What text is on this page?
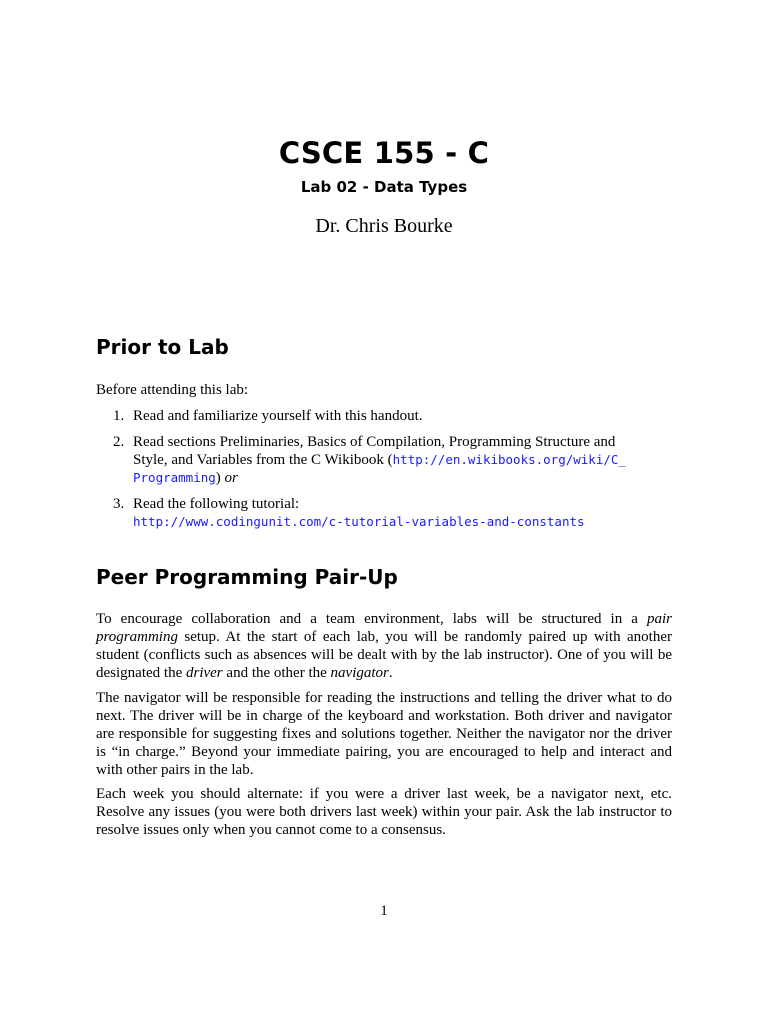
CSCE 155 - C
Lab 02 - Data Types
Dr. Chris Bourke
Prior to Lab
Before attending this lab:
1. Read and familiarize yourself with this handout.
2. Read sections Preliminaries, Basics of Compilation, Programming Structure and
Style, and Variables from the C Wikibook (http://en.wikibooks.org/wiki/C_
Programming) or
3. Read the following tutorial:
http://www.codingunit.com/c-tutorial-variables-and-constants
Peer Programming Pair-Up

To encourage collaboration and a team environment, labs will be structured in a pair programming setup. At the start of each lab, you will be randomly paired up with another student (conflicts such as absences will be dealt with by the lab instructor). One of you will be designated the driver and the other the navigator.

The navigator will be responsible for reading the instructions and telling the driver what to do next. The driver will be in charge of the keyboard and workstation. Both driver and navigator are responsible for suggesting fixes and solutions together. Neither the navigator nor the driver is “in charge.” Beyond your immediate pairing, you are encouraged to help and interact and with other pairs in the lab.

Each week you should alternate: if you were a driver last week, be a navigator next, etc. Resolve any issues (you were both drivers last week) within your pair. Ask the lab instructor to resolve issues only when you cannot come to a consensus.

1
